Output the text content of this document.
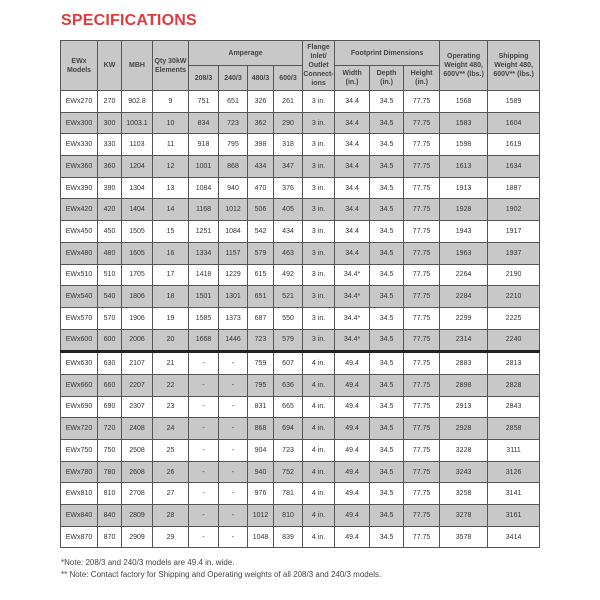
SPECIFICATIONS
EWx Models	KW	MBH	Qty 30kW Elements	Amperage				Flange Inlet/ Outlet Connect-ions	Footprint Dimensions			Operating Weight 480, 600V** (lbs.)	Shipping Weight 480, 600V** (lbs.)
				208/3	240/3	480/3	600/3		Width (in.)	Depth (in.)	Height (in.)		
EWx270	270	902.8	9	751	651	326	261	3 in.	34.4	34.5	77.75	1568	1589
EWx300	300	1003.1	10	834	723	362	290	3 in.	34.4	34.5	77.75	1583	1604
EWx330	330	1103	11	918	795	398	318	3 in.	34.4	34.5	77.75	1598	1619
EWx360	360	1204	12	1001	868	434	347	3 in.	34.4	34.5	77.75	1613	1634
EWx390	390	1304	13	1084	940	470	376	3 in.	34.4	34.5	77.75	1913	1887
EWx420	420	1404	14	1168	1012	506	405	3 in.	34.4	34.5	77.75	1928	1902
EWx450	450	1505	15	1251	1084	542	434	3 in.	34.4	34.5	77.75	1943	1917
EWx480	480	1605	16	1334	1157	579	463	3 in.	34.4	34.5	77.75	1963	1937
EWx510	510	1705	17	1418	1229	615	492	3 in.	34.4*	34.5	77.75	2264	2190
EWx540	540	1806	18	1501	1301	651	521	3 in.	34.4*	34.5	77.75	2284	2210
EWx570	570	1906	19	1585	1373	687	550	3 in.	34.4*	34.5	77.75	2299	2225
EWx600	600	2006	20	1668	1446	723	579	3 in.	34.4*	34.5	77.75	2314	2240
EWx630	630	2107	21	-	-	759	607	4 in.	49.4	34.5	77.75	2883	2813
EWx660	660	2207	22	-	-	795	636	4 in.	49.4	34.5	77.75	2898	2828
EWx690	690	2307	23	-	-	831	665	4 in.	49.4	34.5	77.75	2913	2843
EWx720	720	2408	24	-	-	868	694	4 in.	49.4	34.5	77.75	2928	2858
EWx750	750	2508	25	-	-	904	723	4 in.	49.4	34.5	77.75	3228	3111
EWx780	780	2608	26	-	-	940	752	4 in.	49.4	34.5	77.75	3243	3126
EWx810	810	2708	27	-	-	976	781	4 in.	49.4	34.5	77.75	3258	3141
EWx840	840	2809	28	-	-	1012	810	4 in.	49.4	34.5	77.75	3278	3161
EWx870	870	2909	29	-	-	1048	839	4 in.	49.4	34.5	77.75	3578	3414
*Note: 208/3 and 240/3 models are 49.4 in. wide.
** Note: Contact factory for Shipping and Operating weights of all 208/3 and 240/3 models.
